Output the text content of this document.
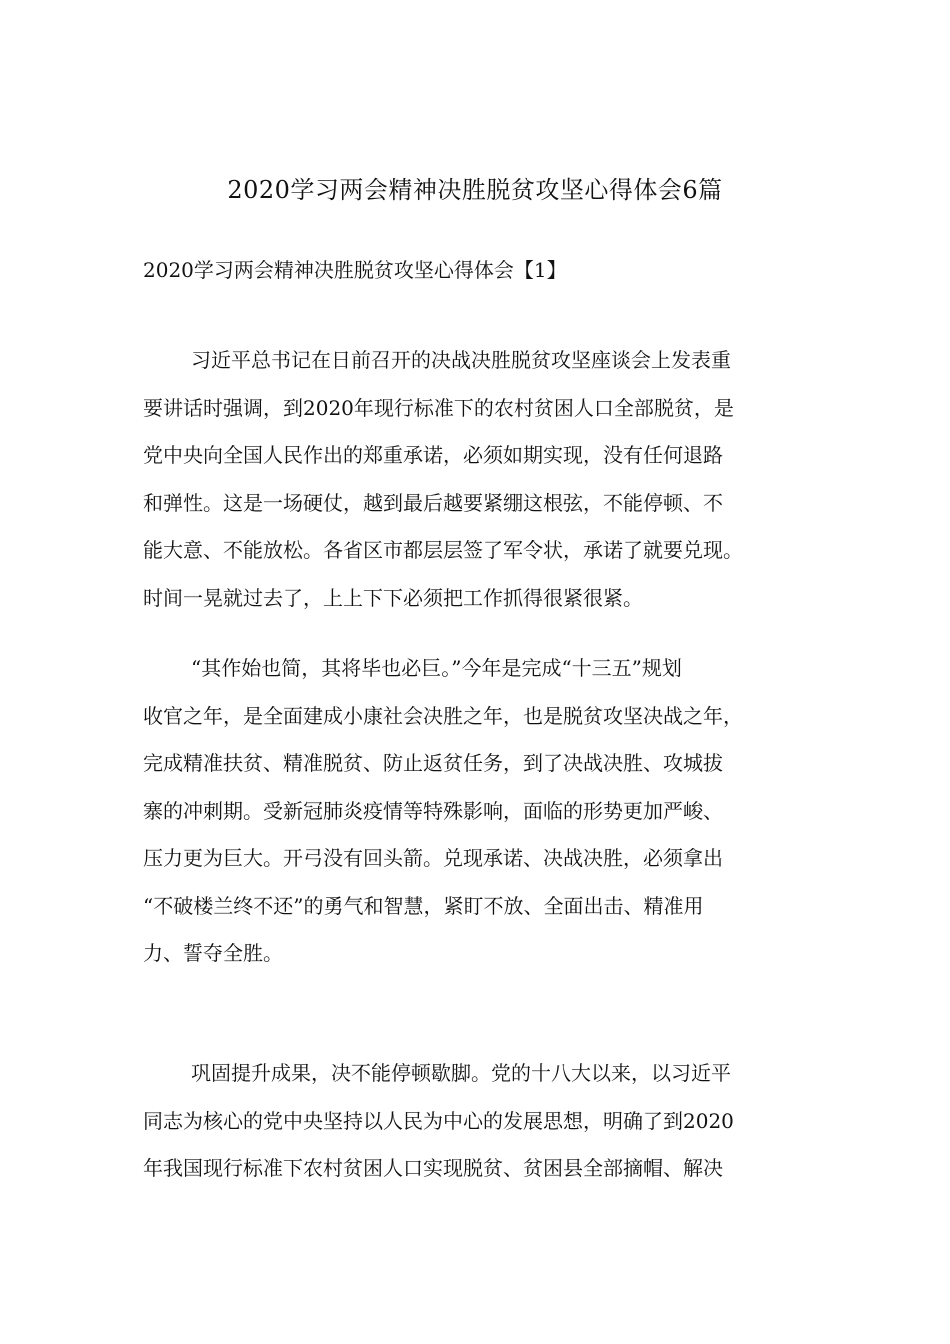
2020学习两会精神决胜脱贫攻坚心得体会6篇
2020学习两会精神决胜脱贫攻坚心得体会【1】
习近平总书记在日前召开的决战决胜脱贫攻坚座谈会上发表重
要讲话时强调，到2020年现行标准下的农村贫困人口全部脱贫，是
党中央向全国人民作出的郑重承诺，必须如期实现，没有任何退路
和弹性。这是一场硬仗，越到最后越要紧绷这根弦，不能停顿、不
能大意、不能放松。各省区市都层层签了军令状，承诺了就要兑现。
时间一晃就过去了，上上下下必须把工作抓得很紧很紧。
“其作始也简，其将毕也必巨。”今年是完成“十三五”规划
收官之年，是全面建成小康社会决胜之年，也是脱贫攻坚决战之年，
完成精准扶贫、精准脱贫、防止返贫任务，到了决战决胜、攻城拔
寨的冲刺期。受新冠肺炎疫情等特殊影响，面临的形势更加严峻、
压力更为巨大。开弓没有回头箭。兑现承诺、决战决胜，必须拿出
“不破楼兰终不还”的勇气和智慧，紧盯不放、全面出击、精准用
力、誓夺全胜。
巩固提升成果，决不能停顿歇脚。党的十八大以来，以习近平
同志为核心的党中央坚持以人民为中心的发展思想，明确了到2020
年我国现行标准下农村贫困人口实现脱贫、贫困县全部摘帽、解决
